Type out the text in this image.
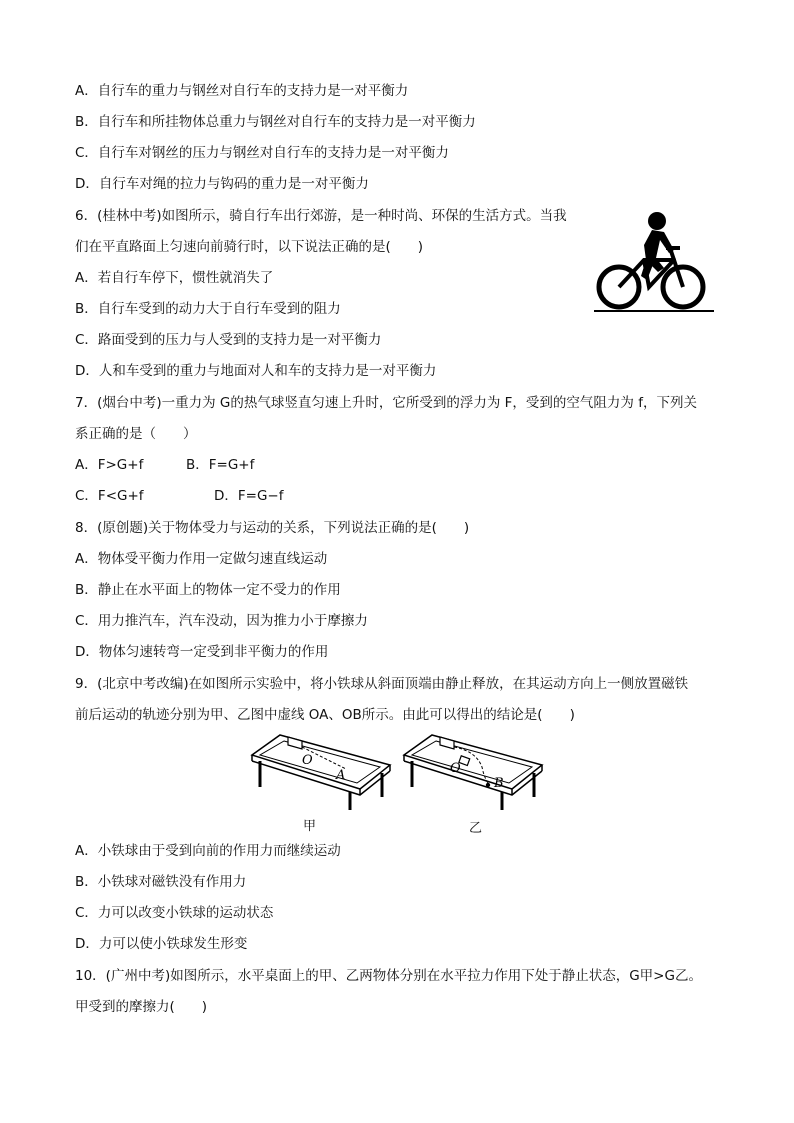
A．自行车的重力与钢丝对自行车的支持力是一对平衡力
B．自行车和所挂物体总重力与钢丝对自行车的支持力是一对平衡力
C．自行车对钢丝的压力与钢丝对自行车的支持力是一对平衡力
D．自行车对绳的拉力与钩码的重力是一对平衡力
6．(桂林中考)如图所示，骑自行车出行郊游，是一种时尚、环保的生活方式。当我
们在平直路面上匀速向前骑行时，以下说法正确的是(　　)
A．若自行车停下，惯性就消失了
B．自行车受到的动力大于自行车受到的阻力
C．路面受到的压力与人受到的支持力是一对平衡力
D．人和车受到的重力与地面对人和车的支持力是一对平衡力
7．(烟台中考)一重力为 G的热气球竖直匀速上升时，它所受到的浮力为 F，受到的空气阻力为 f，下列关
系正确的是（　　）
A．F>G+f	B．F=G+f
C．F<G+f	D．F=G−f
8．(原创题)关于物体受力与运动的关系，下列说法正确的是(　　)
A．物体受平衡力作用一定做匀速直线运动
B．静止在水平面上的物体一定不受力的作用
C．用力推汽车，汽车没动，因为推力小于摩擦力
D．物体匀速转弯一定受到非平衡力的作用
9．(北京中考改编)在如图所示实验中，将小铁球从斜面顶端由静止释放，在其运动方向上一侧放置磁铁
前后运动的轨迹分别为甲、乙图中虚线 OA、OB所示。由此可以得出的结论是(　　)
O
A
甲
O
B
乙
A．小铁球由于受到向前的作用力而继续运动
B．小铁球对磁铁没有作用力
C．力可以改变小铁球的运动状态
D．力可以使小铁球发生形变
10．(广州中考)如图所示，水平桌面上的甲、乙两物体分别在水平拉力作用下处于静止状态，G甲>G乙。
甲受到的摩擦力(　　)
